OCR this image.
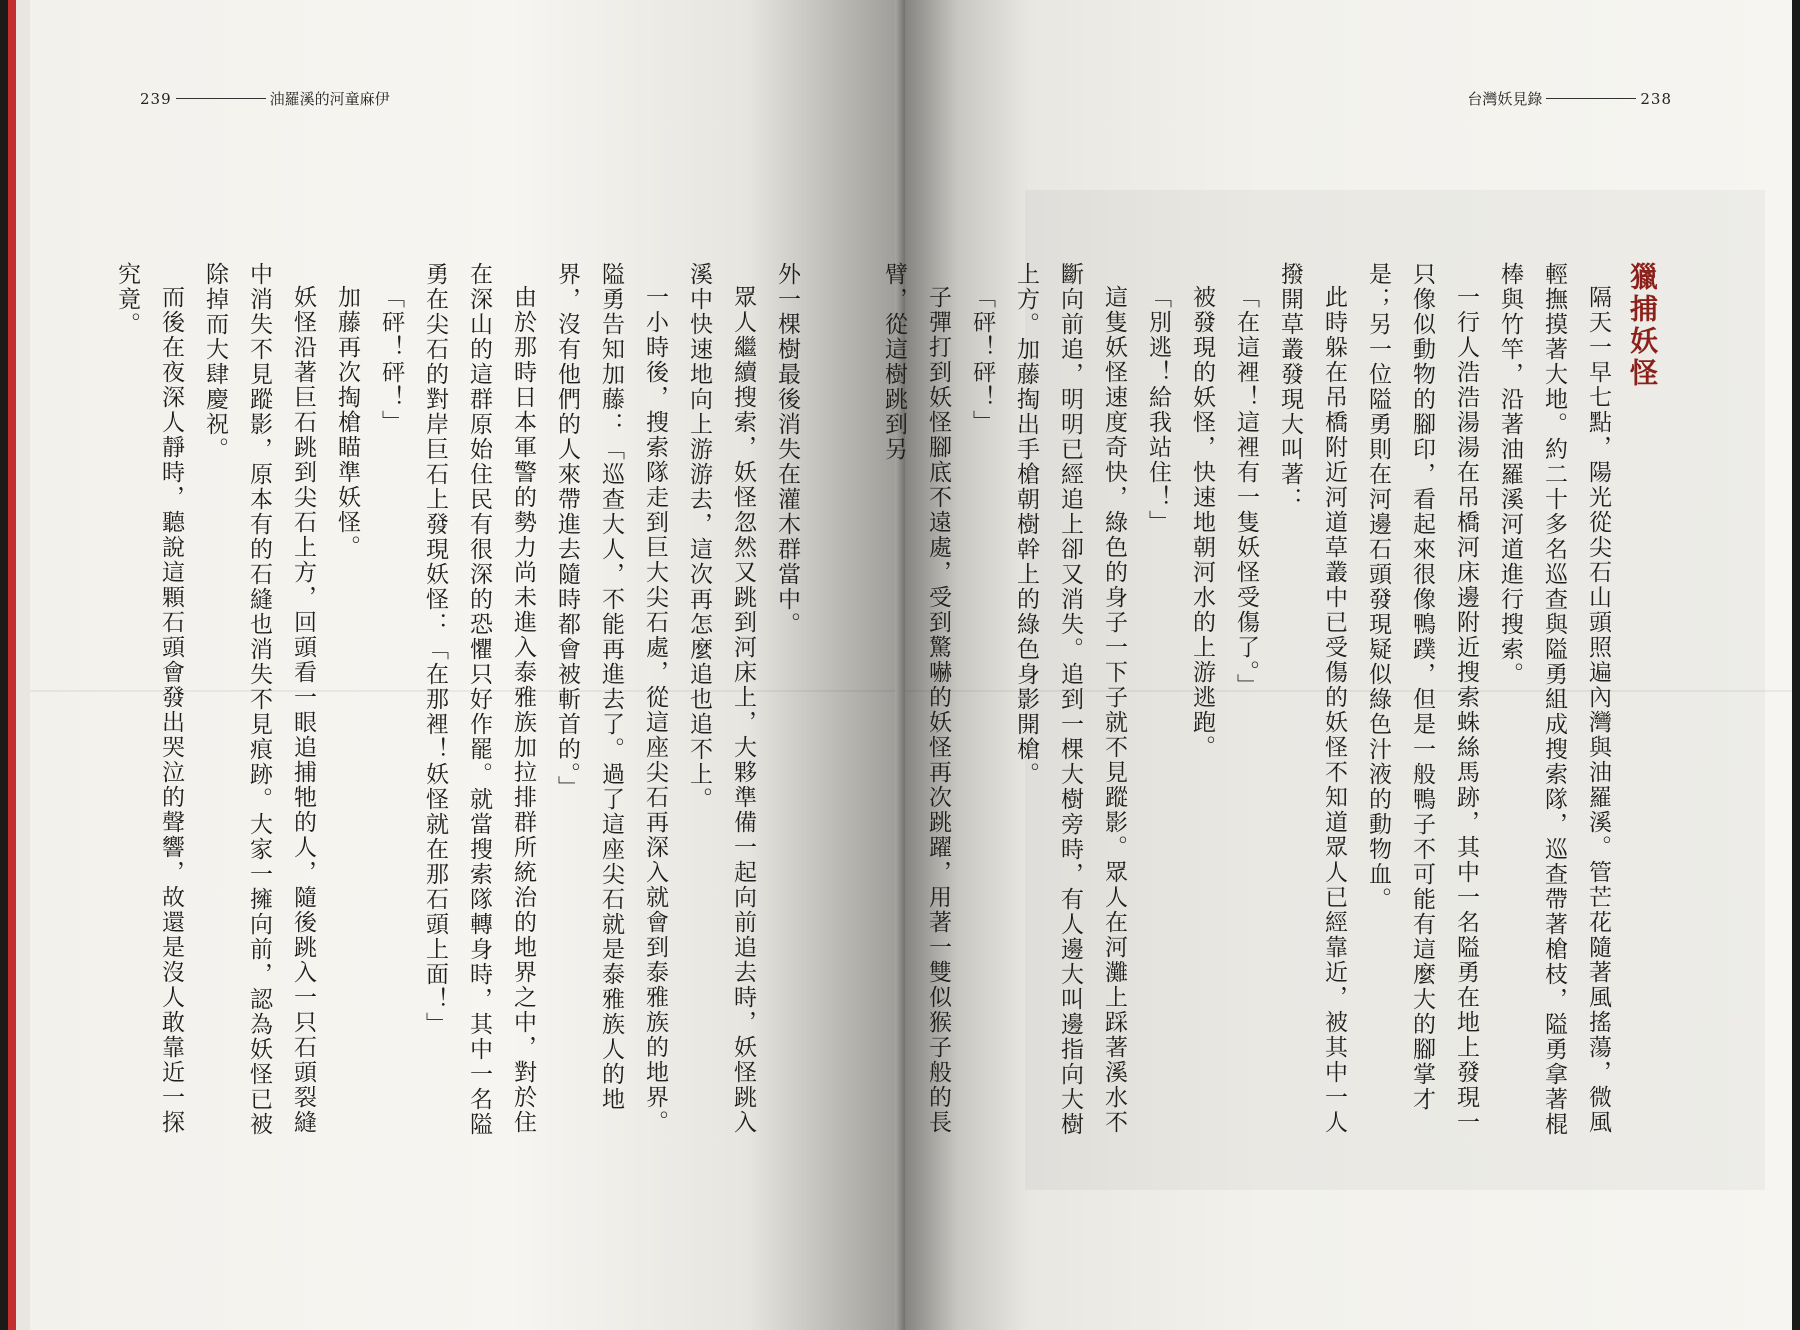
239	油羅溪的河童麻伊

外一棵樹最後消失在灌木群當中。

眾人繼續搜索，妖怪忽然又跳到河床上，大夥準備一起向前追去時，妖怪跳入溪中快速地向上游游去，這次再怎麼追也追不上。

一小時後，搜索隊走到巨大尖石處，從這座尖石再深入就會到泰雅族的地界。隘勇告知加藤：「巡查大人，不能再進去了。過了這座尖石就是泰雅族人的地界，沒有他們的人來帶進去隨時都會被斬首的。」

由於那時日本軍警的勢力尚未進入泰雅族加拉排群所統治的地界之中，對於住在深山的這群原始住民有很深的恐懼只好作罷。就當搜索隊轉身時，其中一名隘勇在尖石的對岸巨石上發現妖怪：「在那裡！妖怪就在那石頭上面！」

「砰！砰！」

加藤再次掏槍瞄準妖怪。

妖怪沿著巨石跳到尖石上方，回頭看一眼追捕牠的人，隨後跳入一只石頭裂縫中消失不見蹤影，原本有的石縫也消失不見痕跡。大家一擁向前，認為妖怪已被除掉而大肆慶祝。

而後在夜深人靜時，聽說這顆石頭會發出哭泣的聲響，故還是沒人敢靠近一探究竟。

台灣妖見錄	238

獵捕妖怪

隔天一早七點，陽光從尖石山頭照遍內灣與油羅溪。管芒花隨著風搖蕩，微風輕撫摸著大地。約二十多名巡查與隘勇組成搜索隊，巡查帶著槍枝，隘勇拿著棍棒與竹竿，沿著油羅溪河道進行搜索。

一行人浩浩湯湯在吊橋河床邊附近搜索蛛絲馬跡，其中一名隘勇在地上發現一只像似動物的腳印，看起來很像鴨蹼，但是一般鴨子不可能有這麼大的腳掌才是；另一位隘勇則在河邊石頭發現疑似綠色汁液的動物血。

此時躲在吊橋附近河道草叢中已受傷的妖怪不知道眾人已經靠近，被其中一人撥開草叢發現大叫著：

「在這裡！這裡有一隻妖怪受傷了。」

被發現的妖怪，快速地朝河水的上游逃跑。

「別逃！給我站住！」

這隻妖怪速度奇快，綠色的身子一下子就不見蹤影。眾人在河灘上踩著溪水不斷向前追，明明已經追上卻又消失。追到一棵大樹旁時，有人邊大叫邊指向大樹上方。加藤掏出手槍朝樹幹上的綠色身影開槍。

「砰！砰！」

子彈打到妖怪腳底不遠處，受到驚嚇的妖怪再次跳躍，用著一雙似猴子般的長臂，從這樹跳到另
